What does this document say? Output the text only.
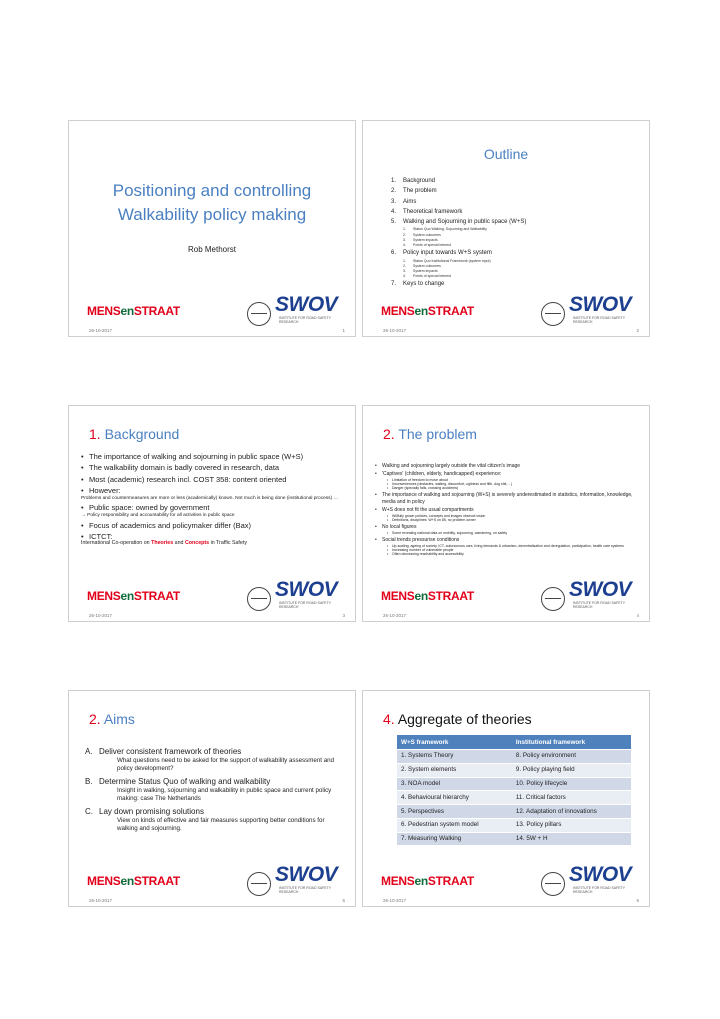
Positioning and controlling
Walkability policy making
Rob Methorst
MENSenSTRAAT	SWOV
INSTITUTE FOR ROAD SAFETY RESEARCH
26-10-2017	1
Outline
1. Background
2. The problem
3. Aims
4. Theoretical framework
5. Walking and Sojourning in public space (W+S)
1. Status Quo Walking, Sojourning and Walkability
2. System outcomes
3. System impacts
4. Points of special interest
6. Policy input towards W+S system
1. Status Quo Institutional Framework (system input)
2. System outcomes
3. System impacts
4. Points of special interest
7. Keys to change
MENSenSTRAAT	SWOV
INSTITUTE FOR ROAD SAFETY RESEARCH
26-10-2017	2
1. Background
• The importance of walking and sojourning in public space (W+S)
• The walkability domain is badly covered in research, data
• Most (academic) research incl. COST 358: content oriented
• However:
Problems and countermeasures are more or less (academically) known. Not much is being done (institutional process) …
• Public space: owned by government
→ Policy responsibility and accountability for all activities in public space
• Focus of academics and policymaker differ (Bax)
• ICTCT:
International Co-operation on Theories and Concepts in Traffic Safety
MENSenSTRAAT	SWOV
INSTITUTE FOR ROAD SAFETY RESEARCH
26-10-2017	3
2. The problem
• Walking and sojourning largely outside the vital citizen's image
• 'Captives' (children, elderly, handicapped) experience:
• Limitation of freedom to move about
• Inconveniences (obstacles, waiting, discomfort, ugliness and filth, dog shit,…)
• Danger (specially falls, crossing accidents)
• The importance of walking and sojourning (W+S) is severely underestimated in statistics, information, knowledge, media and in policy
• W+S does not fit the usual compartments
• Willfully grown policies, concepts and images obstruct vision
• Definitions, disciplines: W+S on 85, no problem owner
• No local figures
• Some revealing national data on mobility, sojourning, wandering, on safety
• Social trends pressurise conditions
• Up-scaling, ageing of society, ICT, autonomous cars, living demands & urbanism, decentralisation and deregulation, participation, health care systems
• Increasing number of vulnerable people
• Often decreasing reachability and accessibility
MENSenSTRAAT	SWOV
INSTITUTE FOR ROAD SAFETY RESEARCH
26-10-2017	4
2. Aims
A. Deliver consistent framework of theories
What questions need to be asked for the support of walkability assessment and policy development?
B. Determine Status Quo of walking and walkability
Insight in walking, sojourning and walkability in public space and current policy making: case The Netherlands
C. Lay down promising solutions
View on kinds of effective and fair measures supporting better conditions for walking and sojourning.
MENSenSTRAAT	SWOV
INSTITUTE FOR ROAD SAFETY RESEARCH
26-10-2017	5
4. Aggregate of theories
W+S framework	Institutional framework
1. Systems Theory	8. Policy environment
2. System elements	9. Policy playing field
3. NOA model	10. Policy lifecycle
4. Behavioural hierarchy	11. Critical factors
5. Perspectives	12. Adaptation of innovations
6. Pedestrian system model	13. Policy pillars
7. Measuring Walking	14. 5W + H
MENSenSTRAAT	SWOV
INSTITUTE FOR ROAD SAFETY RESEARCH
26-10-2017	6
